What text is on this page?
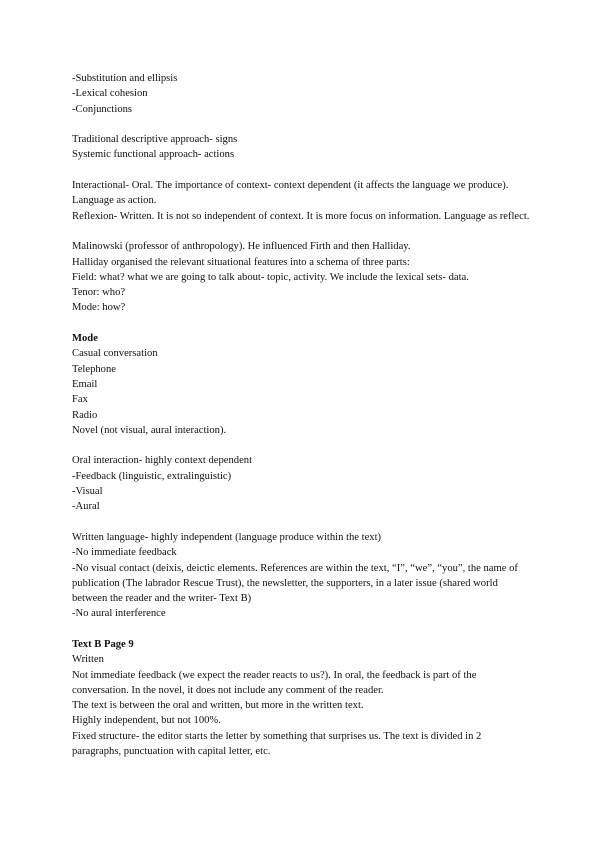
-Substitution and ellipsis
-Lexical cohesion
-Conjunctions
Traditional descriptive approach- signs
Systemic functional approach- actions
Interactional- Oral. The importance of context- context dependent (it affects the language we produce). Language as action.
Reflexion- Written. It is not so independent of context. It is more focus on information. Language as reflect.
Malinowski (professor of anthropology). He influenced Firth and then Halliday.
Halliday organised the relevant situational features into a schema of three parts:
Field: what? what we are going to talk about- topic, activity. We include the lexical sets- data.
Tenor: who?
Mode: how?
Mode
Casual conversation
Telephone
Email
Fax
Radio
Novel (not visual, aural interaction).
Oral interaction- highly context dependent
-Feedback (linguistic, extralinguistic)
-Visual
-Aural
Written language- highly independent (language produce within the text)
-No immediate feedback
-No visual contact (deixis, deictic elements. References are within the text, “I”, “we”, “you”, the name of publication (The labrador Rescue Trust), the newsletter, the supporters, in a later issue (shared world between the reader and the writer- Text B)
-No aural interference
Text B Page 9
Written
Not immediate feedback (we expect the reader reacts to us?). In oral, the feedback is part of the conversation. In the novel, it does not include any comment of the reader.
The text is between the oral and written, but more in the written text.
Highly independent, but not 100%.
Fixed structure- the editor starts the letter by something that surprises us. The text is divided in 2 paragraphs, punctuation with capital letter, etc.
